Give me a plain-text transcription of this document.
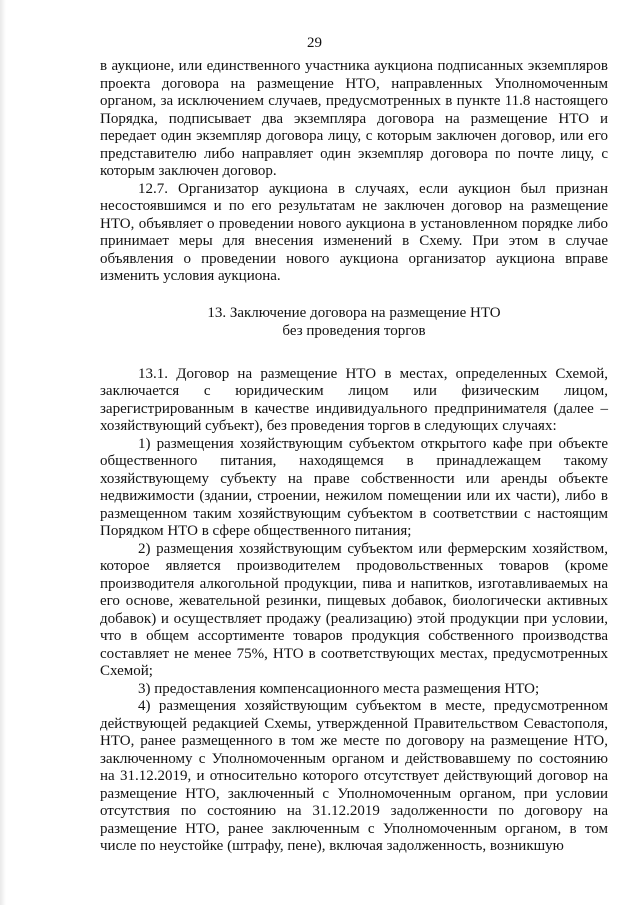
29

в аукционе, или единственного участника аукциона подписанных экземпляров проекта договора на размещение НТО, направленных Уполномоченным органом, за исключением случаев, предусмотренных в пункте 11.8 настоящего Порядка, подписывает два экземпляра договора на размещение НТО и передает один экземпляр договора лицу, с которым заключен договор, или его представителю либо направляет один экземпляр договора по почте лицу, с которым заключен договор.

12.7. Организатор аукциона в случаях, если аукцион был признан несостоявшимся и по его результатам не заключен договор на размещение НТО, объявляет о проведении нового аукциона в установленном порядке либо принимает меры для внесения изменений в Схему. При этом в случае объявления о проведении нового аукциона организатор аукциона вправе изменить условия аукциона.

13. Заключение договора на размещение НТО
без проведения торгов

13.1. Договор на размещение НТО в местах, определенных Схемой, заключается с юридическим лицом или физическим лицом, зарегистрированным в качестве индивидуального предпринимателя (далее – хозяйствующий субъект), без проведения торгов в следующих случаях:

1) размещения хозяйствующим субъектом открытого кафе при объекте общественного питания, находящемся в принадлежащем такому хозяйствующему субъекту на праве собственности или аренды объекте недвижимости (здании, строении, нежилом помещении или их части), либо в размещенном таким хозяйствующим субъектом в соответствии с настоящим Порядком НТО в сфере общественного питания;

2) размещения хозяйствующим субъектом или фермерским хозяйством, которое является производителем продовольственных товаров (кроме производителя алкогольной продукции, пива и напитков, изготавливаемых на его основе, жевательной резинки, пищевых добавок, биологически активных добавок) и осуществляет продажу (реализацию) этой продукции при условии, что в общем ассортименте товаров продукция собственного производства составляет не менее 75%, НТО в соответствующих местах, предусмотренных Схемой;

3) предоставления компенсационного места размещения НТО;

4) размещения хозяйствующим субъектом в месте, предусмотренном действующей редакцией Схемы, утвержденной Правительством Севастополя, НТО, ранее размещенного в том же месте по договору на размещение НТО, заключенному с Уполномоченным органом и действовавшему по состоянию на 31.12.2019, и относительно которого отсутствует действующий договор на размещение НТО, заключенный с Уполномоченным органом, при условии отсутствия по состоянию на 31.12.2019 задолженности по договору на размещение НТО, ранее заключенным с Уполномоченным органом, в том числе по неустойке (штрафу, пене), включая задолженность, возникшую
